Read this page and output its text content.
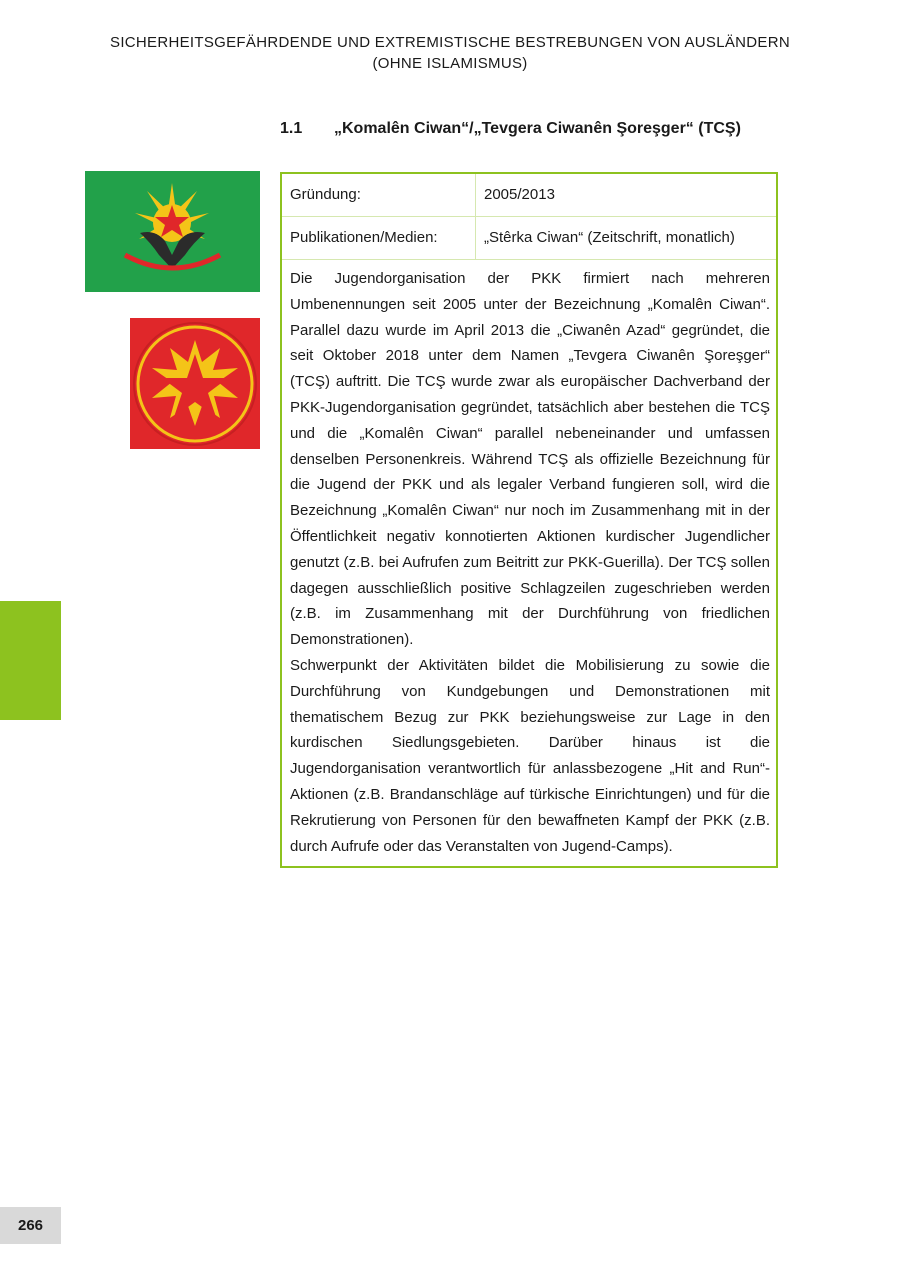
SICHERHEITSGEFÄHRDENDE UND EXTREMISTISCHE BESTREBUNGEN VON AUSLÄNDERN
(OHNE ISLAMISMUS)
1.1 „Komalên Ciwan“/„Tevgera Ciwanên Şoreşger“ (TCŞ)
Gründung:	2005/2013
Publikationen/Medien:	„Stêrka Ciwan“ (Zeitschrift, monatlich)

Die Jugendorganisation der PKK firmiert nach mehreren Umbenennungen seit 2005 unter der Bezeichnung „Komalên Ciwan“. Parallel dazu wurde im April 2013 die „Ciwanên Azad“ gegründet, die seit Oktober 2018 unter dem Namen „Tevgera Ciwanên Şoreşger“ (TCŞ) auftritt. Die TCŞ wurde zwar als europäischer Dachverband der PKK-Jugendorganisation gegründet, tatsächlich aber bestehen die TCŞ und die „Komalên Ciwan“ parallel nebeneinander und umfassen denselben Personenkreis. Während TCŞ als offizielle Bezeichnung für die Jugend der PKK und als legaler Verband fungieren soll, wird die Bezeichnung „Komalên Ciwan“ nur noch im Zusammenhang mit in der Öffentlichkeit negativ konnotierten Aktionen kurdischer Jugendlicher genutzt (z.B. bei Aufrufen zum Beitritt zur PKK-Guerilla). Der TCŞ sollen dagegen ausschließlich positive Schlagzeilen zugeschrieben werden (z.B. im Zusammenhang mit der Durchführung von friedlichen Demonstrationen).

Schwerpunkt der Aktivitäten bildet die Mobilisierung zu sowie die Durchführung von Kundgebungen und Demonstrationen mit thematischem Bezug zur PKK beziehungsweise zur Lage in den kurdischen Siedlungsgebieten. Darüber hinaus ist die Jugendorganisation verantwortlich für anlassbezogene „Hit and Run“-Aktionen (z.B. Brandanschläge auf türkische Einrichtungen) und für die Rekrutierung von Personen für den bewaffneten Kampf der PKK (z.B. durch Aufrufe oder das Veranstalten von Jugend-Camps).

266
